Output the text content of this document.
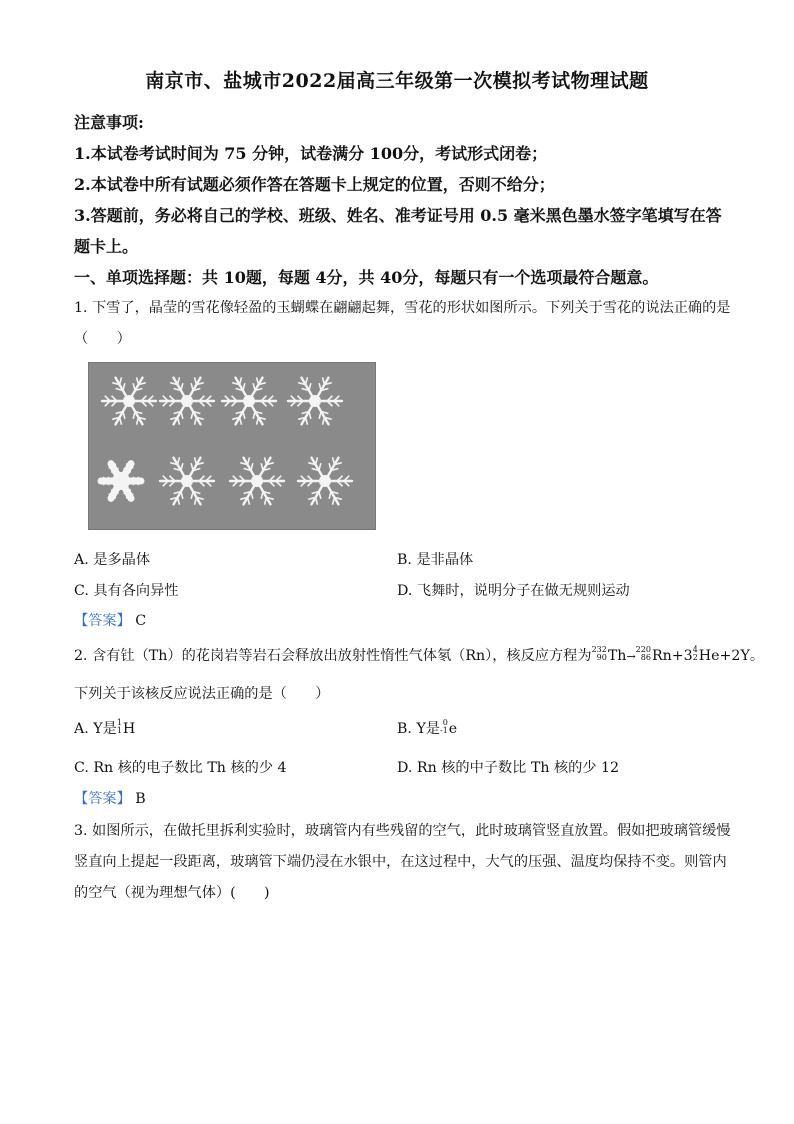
南京市、盐城市2022届高三年级第一次模拟考试物理试题
注意事项:
1.本试卷考试时间为 75 分钟，试卷满分 100分，考试形式闭卷；
2.本试卷中所有试题必须作答在答题卡上规定的位置，否则不给分；
3.答题前，务必将自己的学校、班级、姓名、准考证号用 0.5 毫米黑色墨水签字笔填写在答
题卡上。
一、单项选择题：共 10题，每题 4分，共 40分，每题只有一个选项最符合题意。
1. 下雪了，晶莹的雪花像轻盈的玉蝴蝶在翩翩起舞，雪花的形状如图所示。下列关于雪花的说法正确的是
（　　）
A. 是多晶体	B. 是非晶体
C. 具有各向异性	D. 飞舞时，说明分子在做无规则运动
【答案】 C
2. 含有钍（Th）的花岗岩等岩石会释放出放射性惰性气体氡（Rn），核反应方程为 232
90 Th→
220
86 Rn+3 4
2 He+2Y。
下列关于该核反应说法正确的是（　　）
A. Y是 1
1 H	B. Y是 0
-1 e
C. Rn 核的电子数比 Th 核的少 4	D. Rn 核的中子数比 Th 核的少 12
【答案】 B
3. 如图所示，在做托里拆利实验时，玻璃管内有些残留的空气，此时玻璃管竖直放置。假如把玻璃管缓慢
竖直向上提起一段距离，玻璃管下端仍浸在水银中，在这过程中，大气的压强、温度均保持不变。则管内
的空气（视为理想气体）(　　)
